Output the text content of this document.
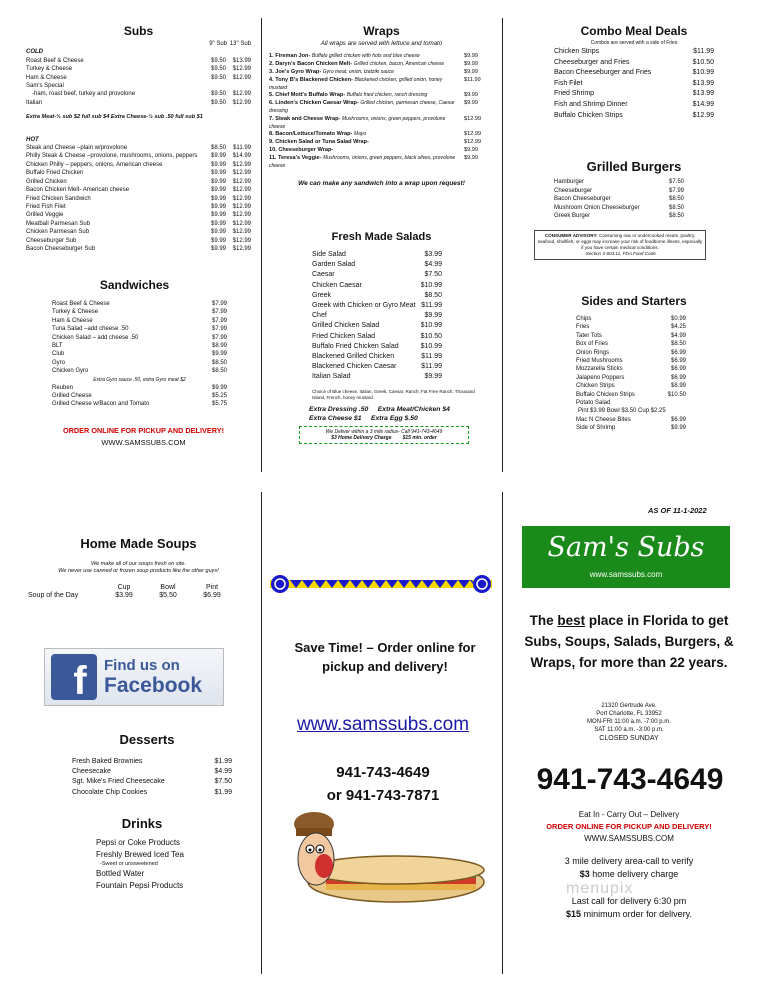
Subs
9" Sub 13" Sub
COLD
Roast Beef & Cheese	$9.50	$13.99
Turkey & Cheese	$9.50	$12.99
Ham & Cheese	$9.50	$12.99
Sam's Special
-ham, roast beef, turkey and provolone	$9.50	$12.99
Italian	$9.50	$12.99
Extra Meat-½ sub $2 full sub $4 Extra Cheese-½ sub .50 full sub $1
HOT
Steak and Cheese –plain w/provolone	$8.50	$11.99
Philly Steak & Cheese –provolone, mushrooms, onions, peppers	$9.99	$14.99
Chicken Philly – peppers, onions, American cheese	$9.99	$12.99
Buffalo Fried Chicken	$9.99	$12.99
Grilled Chicken	$9.99	$12.99
Bacon Chicken Melt- American cheese	$9.99	$12.99
Fried Chicken Sandwich	$9.99	$12.99
Fried Fish Filet	$9.99	$12.99
Grilled Veggie	$9.99	$12.99
Meatball Parmesan Sub	$9.99	$12.99
Chicken Parmesan Sub	$9.99	$12.99
Cheeseburger Sub	$9.99	$12.99
Bacon Cheeseburger Sub	$9.99	$12.99
Sandwiches
Roast Beef & Cheese	$7.99
Turkey & Cheese	$7.99
Ham & Cheese	$7.99
Tuna Salad –add cheese .50	$7.99
Chicken Salad – add cheese .50	$7.99
BLT	$8.99
Club	$9.99
Gyro	$8.50
Chicken Gyro	$8.50
Extra Gyro sauce .50, extra Gyro meat $2
Reuben	$9.99
Grilled Cheese	$5.25
Grilled Cheese w/Bacon and Tomato	$5.75
ORDER ONLINE FOR PICKUP AND DELIVERY!
WWW.SAMSSUBS.COM
Wraps
All wraps are served with lettuce and tomato
1. Fireman Jon- Buffalo grilled chicken with hots and blue cheese	$9.99
2. Daryn's Bacon Chicken Melt- Grilled chicken, bacon, American cheese	$9.99
3. Joe's Gyro Wrap- Gyro meat, onion, tzatziki sauce	$9.99
4. Tony B's Blackened Chicken- Blackened chicken, grilled onion, honey mustard
$11.99
5. Chief Mott's Buffalo Wrap- Buffalo fried chicken, ranch dressing	$9.99
6. Linden's Chicken Caesar Wrap- Grilled chicken, parmesan cheese, Caesar dressing
$9.99
7. Steak and Cheese Wrap- Mushrooms, onions, green peppers, provolone cheese
$12.99
8. Bacon/Lettuce/Tomato Wrap- Mayo	$12.99
9. Chicken Salad or Tuna Salad Wrap-	$12.99
10. Cheeseburger Wrap-	$9.99
11. Teresa's Veggie- Mushrooms, onions, green peppers, black olives, provolone cheese
$9.99
We can make any sandwich into a wrap upon request!
Fresh Made Salads
Side Salad	$3.99
Garden Salad	$4.99
Caesar	$7.50
Chicken Caesar	$10.99
Greek	$8.50
Greek with Chicken or Gyro Meat $11.99
Chef	$9.99
Grilled Chicken Salad	$10.99
Fried Chicken Salad	$10.50
Buffalo Fried Chicken Salad	$10.99
Blackened Grilled Chicken	$11.99
Blackened Chicken Caesar	$11.99
Italian Salad	$9.99
Choice of Blue cheese, Italian, Greek, Caesar, Ranch, Fat Free Ranch, Thousand Island, French, honey mustard.
Extra Dressing .50     Extra Meat/Chicken $4
Extra Cheese $1     Extra Egg $.50
We Deliver within a 3 mile radius- Call 941-743-4649
$3 Home Delivery Charge        $15 min. order
Combo Meal Deals
Combos are served with a side of Fries
Chicken Strips	$11.99
Cheeseburger and Fries	$10.50
Bacon Cheeseburger and Fries	$10.99
Fish Filet	$13.99
Fried Shrimp	$13.99
Fish and Shrimp Dinner	$14.99
Buffalo Chicken Strips	$12.99
Grilled Burgers
Hamburger	$7.50
Cheeseburger	$7.99
Bacon Cheeseburger	$8.50
Mushroom Onion Cheeseburger	$8.50
Greek Burger	$8.50
CONSUMER ADVISORY: Consuming raw or undercooked meats, poultry, seafood, shellfish, or eggs may increase your risk of foodborne illness, especially if you have certain medical conditions.
-Section 3-603.11, FDA Food Code
Sides and Starters
Chips	$0.99
Fries	$4.25
Tater Tots	$4.99
Box of Fries	$8.50
Onion Rings	$6.99
Fried Mushrooms	$6.99
Mozzarella Sticks	$6.99
Jalapeno Poppers	$6.99
Chicken Strips	$8.99
Buffalo Chicken Strips	$10.50
Potato Salad
Pint $3.99 Bowl $3.50 Cup $2.25
Mac N Cheese Bites	$6.99
Side of Shrimp	$9.99
Home Made Soups
We make all of our soups fresh on site.
We never use canned or frozen soup products like the other guys!
Cup	Bowl	Pint
Soup of the Day	$3.99	$5.50	$6.99
f Find us on
Facebook
Desserts
Fresh Baked Brownies	$1.99
Cheesecake	$4.99
Sgt. Mike's Fried Cheesecake	$7.50
Chocolate Chip Cookies	$1.99
Drinks
Pepsi or Coke Products
Freshly Brewed Iced Tea
-Sweet or unsweetened
Bottled Water
Fountain Pepsi Products
Save Time! – Order online for pickup and delivery!
www.samssubs.com
941-743-4649
or 941-743-7871
AS OF 11-1-2022
Sam's Subs
www.samssubs.com
The best place in Florida to get Subs, Soups, Salads, Burgers, & Wraps, for more than 22 years.
21320 Gertrude Ave.
Port Charlotte, FL 33952
MON-FRI 11:00 a.m. -7:00 p.m.
SAT 11:00 a.m. -3:00 p.m.
CLOSED SUNDAY
941-743-4649
Eat In - Carry Out – Delivery
ORDER ONLINE FOR PICKUP AND DELIVERY!
WWW.SAMSSUBS.COM
3 mile delivery area-call to verify
$3 home delivery charge
menupix
Last call for delivery 6:30 pm
$15 minimum order for delivery.
